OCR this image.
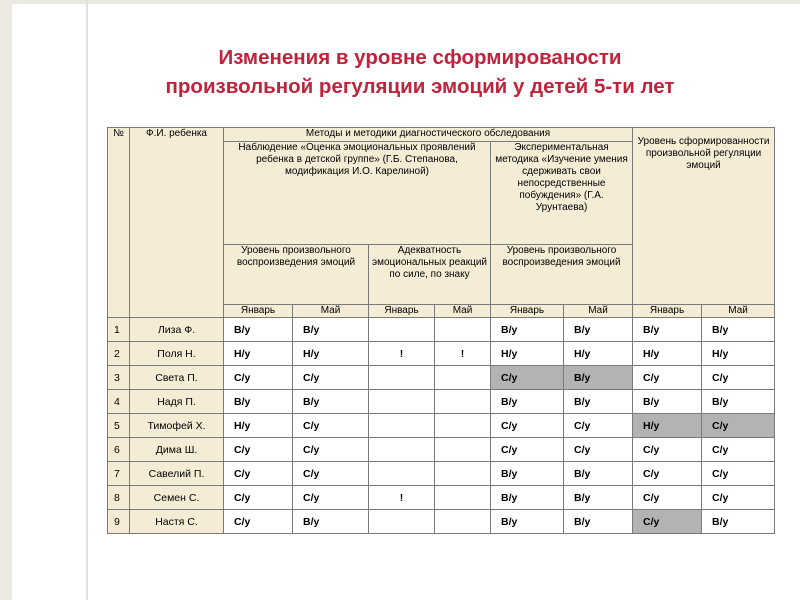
Изменения в уровне сформированости
произвольной регуляции эмоций у детей 5-ти лет
№	Ф.И. ребенка	Методы и методики диагностического обследования						Уровень сформированности произвольной регуляции эмоций	
		Наблюдение «Оценка эмоциональных проявлений ребенка в детской группе» (Г.Б. Степанова, модификация И.О. Карелиной)				Экспериментальная методика «Изучение умения сдерживать свои непосредственные побуждения» (Г.А. Урунтаева)			
		Уровень произвольного воспроизведения эмоций		Адекватность эмоциональных реакций по силе, по знаку		Уровень произвольного воспроизведения эмоций			
		Январь	Май	Январь	Май	Январь	Май	Январь	Май
1	Лиза Ф.	В/у	В/у			В/у	В/у	В/у	В/у
2	Поля Н.	Н/у	Н/у	!	!	Н/у	Н/у	Н/у	Н/у
3	Света П.	С/у	С/у			С/у	В/у	С/у	С/у
4	Надя П.	В/у	В/у			В/у	В/у	В/у	В/у
5	Тимофей Х.	Н/у	С/у			С/у	С/у	Н/у	С/у
6	Дима Ш.	С/у	С/у			С/у	С/у	С/у	С/у
7	Савелий П.	С/у	С/у			В/у	В/у	С/у	С/у
8	Семен С.	С/у	С/у	!		В/у	В/у	С/у	С/у
9	Настя С.	С/у	В/у			В/у	В/у	С/у	В/у
